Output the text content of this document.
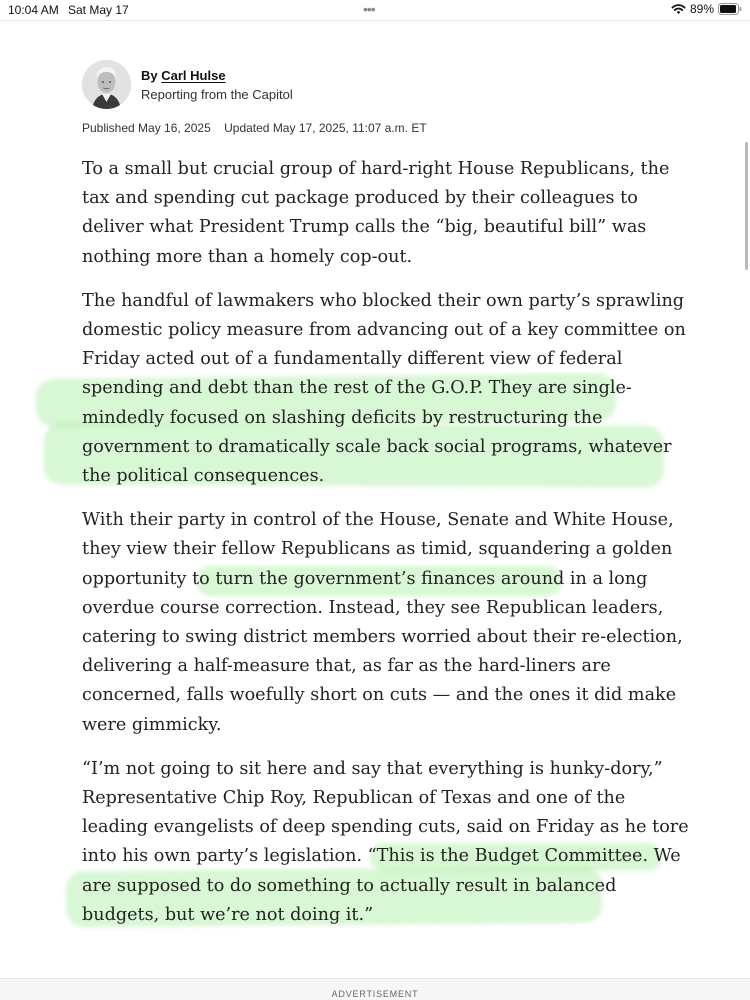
10:04 AM Sat May 17	•••	89%
By Carl Hulse
Reporting from the Capitol
Published May 16, 2025 Updated May 17, 2025, 11:07 a.m. ET

To a small but crucial group of hard-right House Republicans, the
tax and spending cut package produced by their colleagues to
deliver what President Trump calls the “big, beautiful bill” was
nothing more than a homely cop-out.

The handful of lawmakers who blocked their own party’s sprawling
domestic policy measure from advancing out of a key committee on
Friday acted out of a fundamentally different view of federal
spending and debt than the rest of the G.O.P. They are single-
mindedly focused on slashing deficits by restructuring the
government to dramatically scale back social programs, whatever
the political consequences.

With their party in control of the House, Senate and White House,
they view their fellow Republicans as timid, squandering a golden
opportunity to turn the government’s finances around in a long
overdue course correction. Instead, they see Republican leaders,
catering to swing district members worried about their re-election,
delivering a half-measure that, as far as the hard-liners are
concerned, falls woefully short on cuts — and the ones it did make
were gimmicky.

“I’m not going to sit here and say that everything is hunky-dory,”
Representative Chip Roy, Republican of Texas and one of the
leading evangelists of deep spending cuts, said on Friday as he tore
into his own party’s legislation. “This is the Budget Committee. We
are supposed to do something to actually result in balanced
budgets, but we’re not doing it.”

ADVERTISEMENT
